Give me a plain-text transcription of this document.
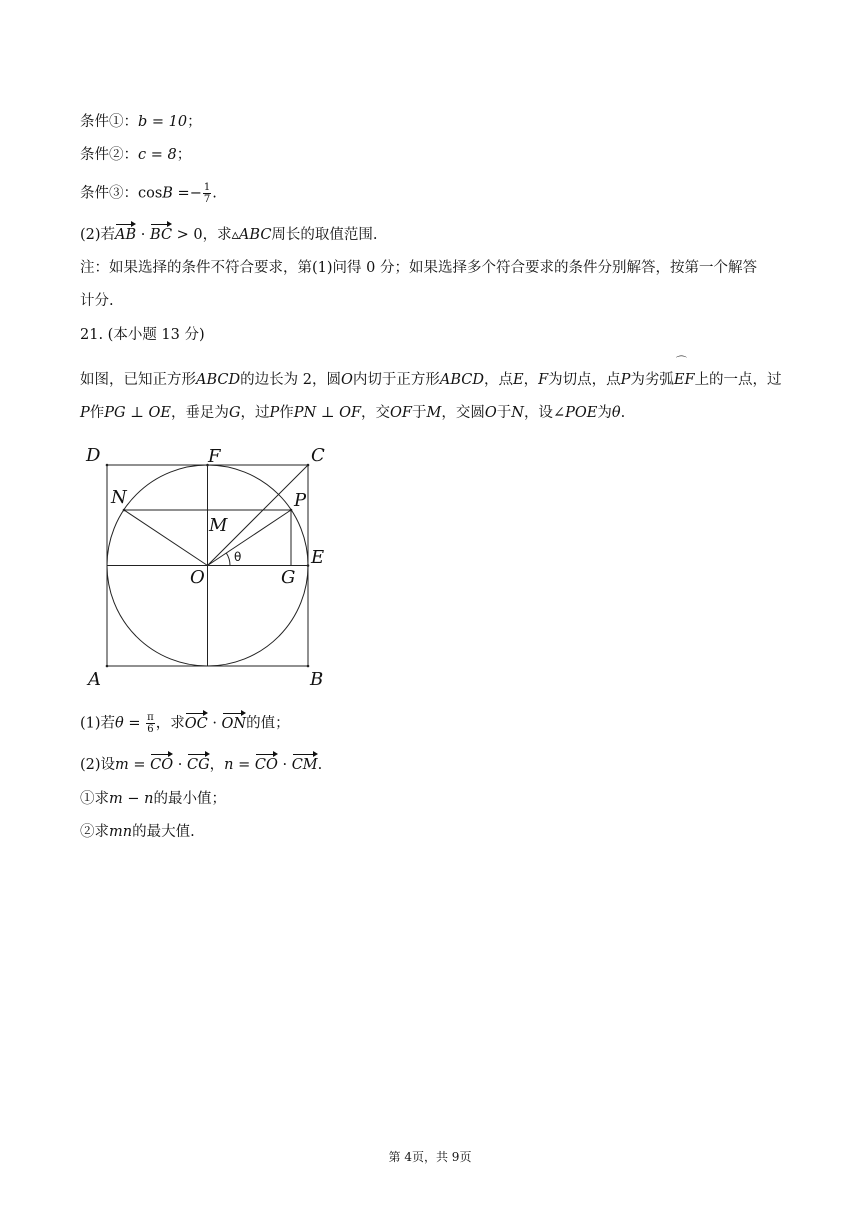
条件①：b = 10；
条件②：c = 8；
条件③：$\cos B =- \frac{1}{7}$ .
(2)若AB · BC > 0，求▵ABC周长的取值范围.
注：如果选择的条件不符合要求，第(1)问得 0 分；如果选择多个符合要求的条件分别解答，按第一个解答
计分.
21. (本小题 13 分)
如图，已知正方形ABCD的边长为 2，圆O内切于正方形ABCD，点E，F为切点，点P为劣弧⌒ EF上的一点，过
P作PG ⊥ OE，垂足为G，过P作PN ⊥ OF，交OF于M，交圆O于N，设∠POE为θ.
D	F	C
N	P
M
O	G
E
A	B
θ
(1)若$\theta = \frac{\pi}{6}$ ，求OC · ON的值；
(2)设m = CO · CG，n = CO · CM.
①求m − n的最小值；
②求mn的最大值.
第 4页，共 9页
